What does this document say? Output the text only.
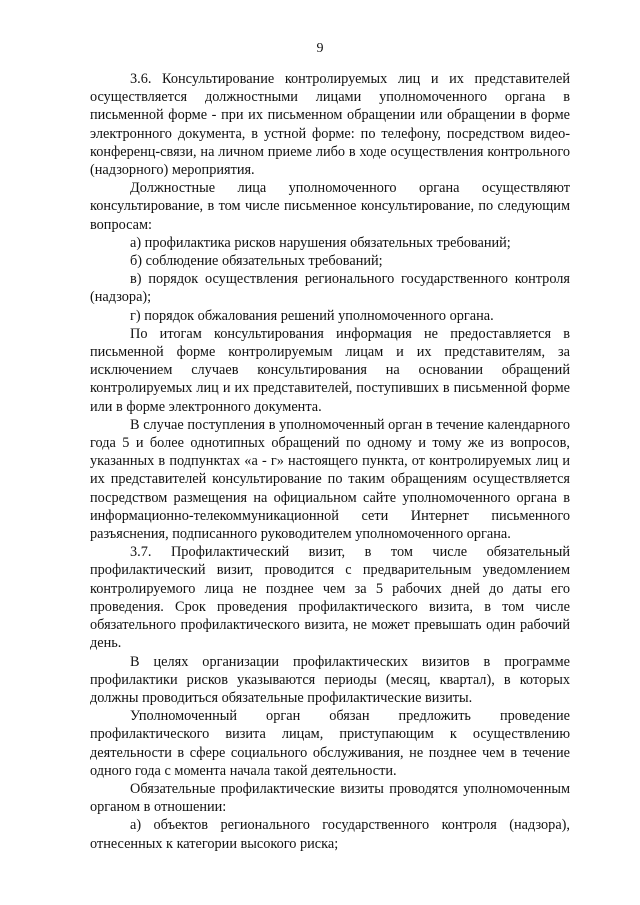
9

3.6. Консультирование контролируемых лиц и их представителей осуществляется должностными лицами уполномоченного органа в письменной форме - при их письменном обращении или обращении в форме электронного документа, в устной форме: по телефону, посредством видео-конференц-связи, на личном приеме либо в ходе осуществления контрольного (надзорного) мероприятия.

Должностные лица уполномоченного органа осуществляют консультирование, в том числе письменное консультирование, по следующим вопросам:

а) профилактика рисков нарушения обязательных требований;

б) соблюдение обязательных требований;

в) порядок осуществления регионального государственного контроля (надзора);

г) порядок обжалования решений уполномоченного органа.

По итогам консультирования информация не предоставляется в письменной форме контролируемым лицам и их представителям, за исключением случаев консультирования на основании обращений контролируемых лиц и их представителей, поступивших в письменной форме или в форме электронного документа.

В случае поступления в уполномоченный орган в течение календарного года 5 и более однотипных обращений по одному и тому же из вопросов, указанных в подпунктах «а - г» настоящего пункта, от контролируемых лиц и их представителей консультирование по таким обращениям осуществляется посредством размещения на официальном сайте уполномоченного органа в информационно-телекоммуникационной сети Интернет письменного разъяснения, подписанного руководителем уполномоченного органа.

3.7. Профилактический визит, в том числе обязательный профилактический визит, проводится с предварительным уведомлением контролируемого лица не позднее чем за 5 рабочих дней до даты его проведения. Срок проведения профилактического визита, в том числе обязательного профилактического визита, не может превышать один рабочий день.

В целях организации профилактических визитов в программе профилактики рисков указываются периоды (месяц, квартал), в которых должны проводиться обязательные профилактические визиты.

Уполномоченный орган обязан предложить проведение профилактического визита лицам, приступающим к осуществлению деятельности в сфере социального обслуживания, не позднее чем в течение одного года с момента начала такой деятельности.

Обязательные профилактические визиты проводятся уполномоченным органом в отношении:

а) объектов регионального государственного контроля (надзора), отнесенных к категории высокого риска;
